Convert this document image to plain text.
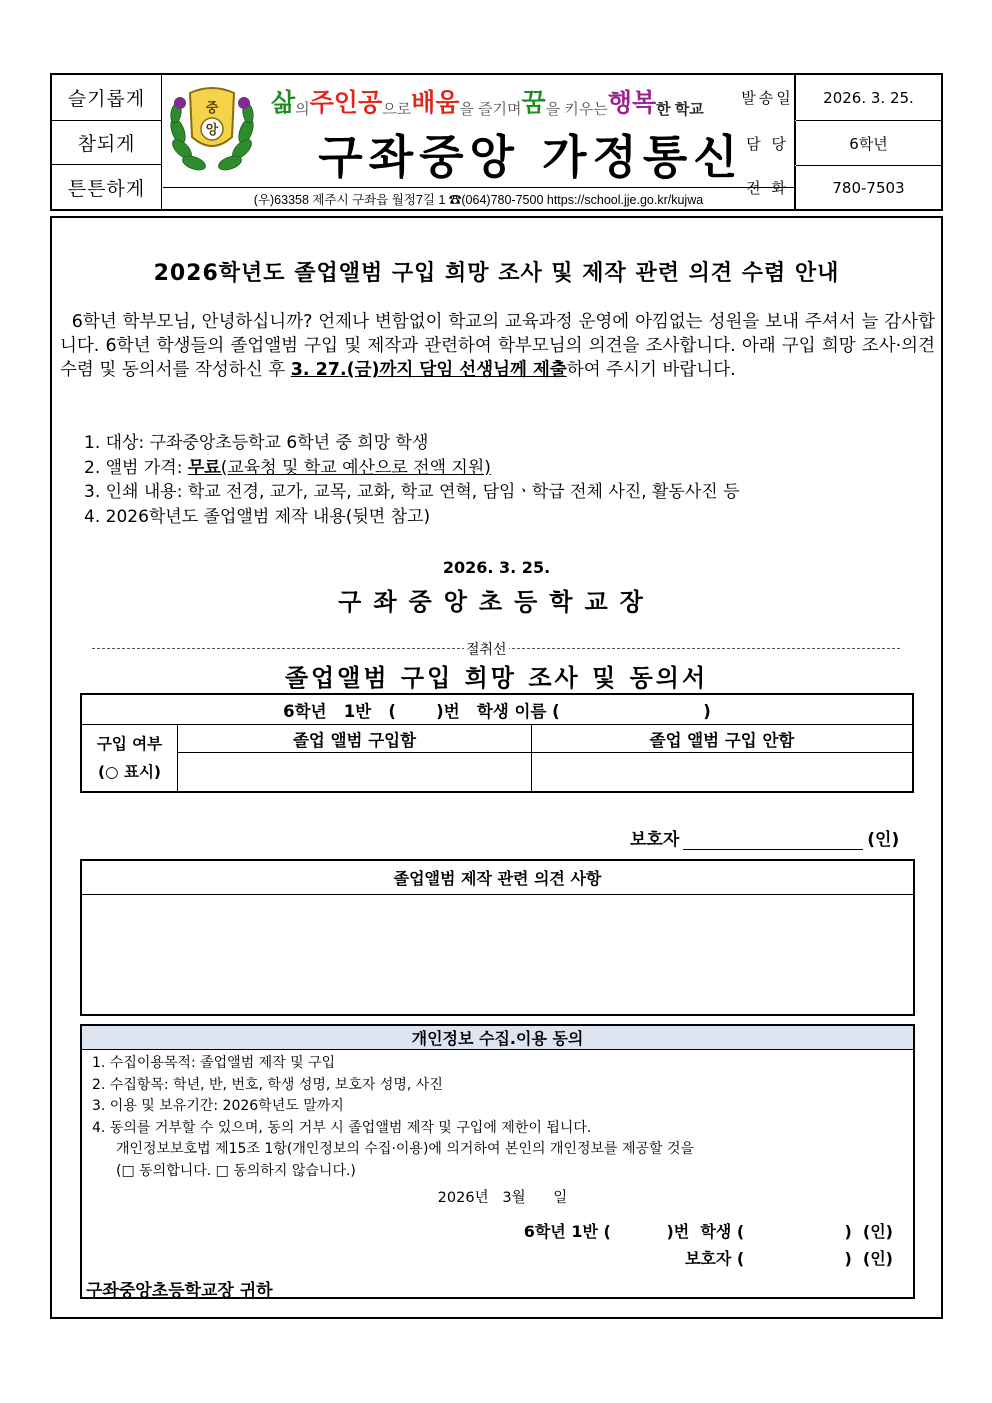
슬기롭게
참되게
튼튼하게
중
앙
삶 의 주인공 으로 배움 을 즐기며 꿈 을 키우는 행복 한 학교
구좌중앙 가정통신
(우)63358 제주시 구좌읍 월정7길 1 ☎(064)780-7500 https://school.jje.go.kr/kujwa
발송일	2026. 3. 25.
담 당	6학년
전 화	780-7503
2026학년도 졸업앨범 구입 희망 조사 및 제작 관련 의견 수렴 안내

6학년 학부모님, 안녕하십니까? 언제나 변함없이 학교의 교육과정 운영에 아낌없는 성원을 보내 주셔서 늘 감사합니다. 6학년 학생들의 졸업앨범 구입 및 제작과 관련하여 학부모님의 의견을 조사합니다. 아래 구입 희망 조사·의견 수렴 및 동의서를 작성하신 후 3. 27.(금)까지 담임 선생님께 제출하여 주시기 바랍니다.

1. 대상: 구좌중앙초등학교 6학년 중 희망 학생
2. 앨범 가격: 무료(교육청 및 학교 예산으로 전액 지원)
3. 인쇄 내용: 학교 전경, 교가, 교목, 교화, 학교 연혁, 담임ㆍ학급 전체 사진, 활동사진 등
4. 2026학년도 졸업앨범 제작 내용(뒷면 참고)
2026. 3. 25.
구좌중앙초등학교장
절취선
졸업앨범 구입 희망 조사 및 동의서
6학년   1반   (       )번   학생 이름 (                         )
구입 여부
(○ 표시)
졸업 앨범 구입함	졸업 앨범 구입 안함
보호자	(인)
졸업앨범 제작 관련 의견 사항
개인정보 수집.이용 동의
1. 수집이용목적: 졸업앨범 제작 및 구입
2. 수집항목: 학년, 반, 번호, 학생 성명, 보호자 성명, 사진
3. 이용 및 보유기간: 2026학년도 말까지
4. 동의를 거부할 수 있으며, 동의 거부 시 졸업앨범 제작 및 구입에 제한이 됩니다.
개인정보보호법 제15조 1항(개인정보의 수집·이용)에 의거하여 본인의 개인정보를 제공할 것을
(□ 동의합니다. □ 동의하지 않습니다.)
2026년   3월      일
6학년 1반 (          )번  학생 (                  )  (인)
보호자 (                  )  (인)
구좌중앙초등학교장 귀하
